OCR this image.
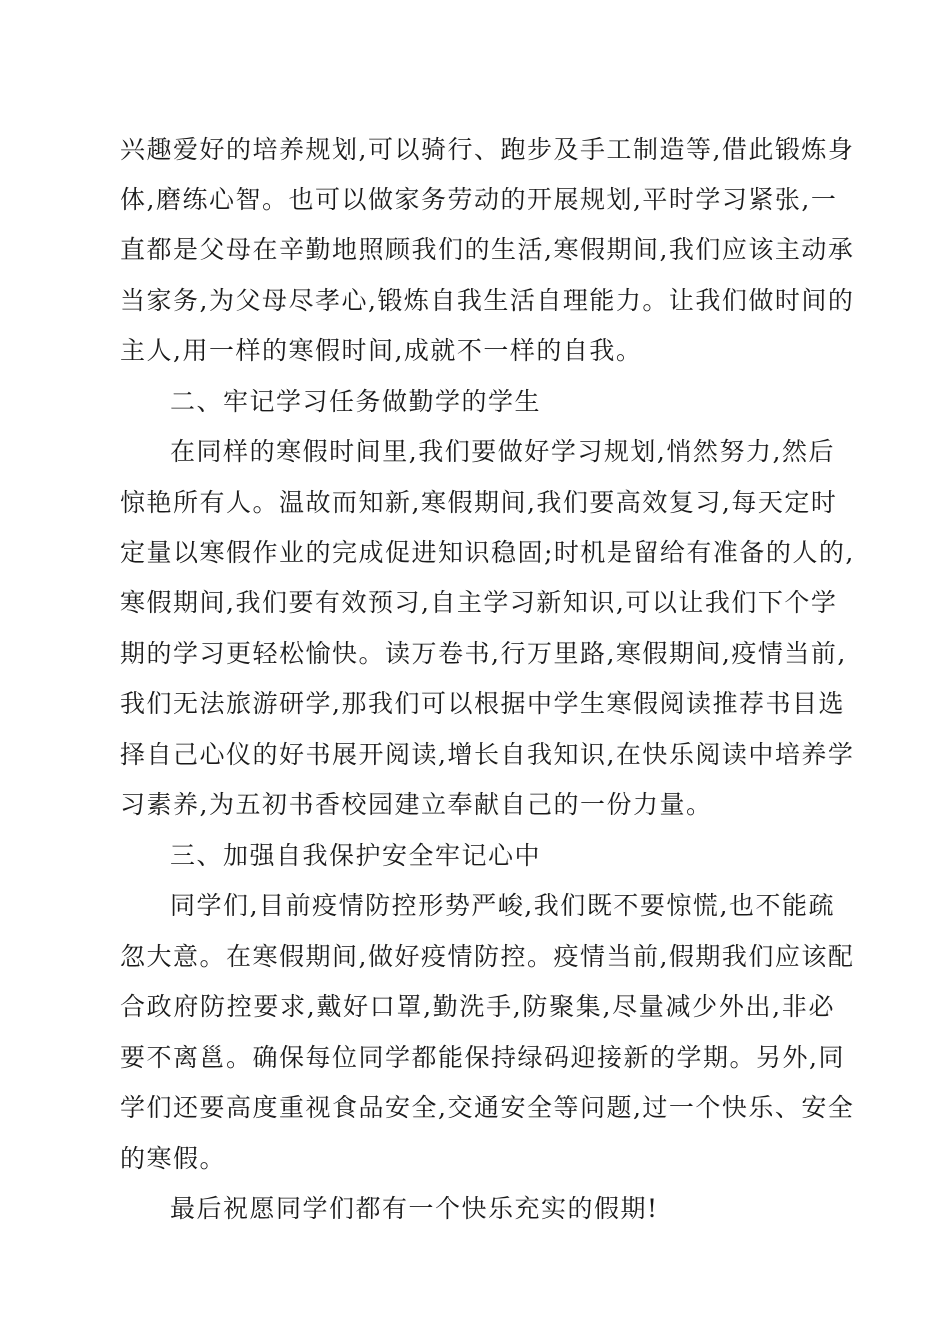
兴趣爱好的培养规划,可以骑行、跑步及手工制造等,借此锻炼身
体,磨练心智。也可以做家务劳动的开展规划,平时学习紧张,一
直都是父母在辛勤地照顾我们的生活,寒假期间,我们应该主动承
当家务,为父母尽孝心,锻炼自我生活自理能力。让我们做时间的
主人,用一样的寒假时间,成就不一样的自我。
二、牢记学习任务做勤学的学生
在同样的寒假时间里,我们要做好学习规划,悄然努力,然后
惊艳所有人。温故而知新,寒假期间,我们要高效复习,每天定时
定量以寒假作业的完成促进知识稳固;时机是留给有准备的人的,
寒假期间,我们要有效预习,自主学习新知识,可以让我们下个学
期的学习更轻松愉快。读万卷书,行万里路,寒假期间,疫情当前,
我们无法旅游研学,那我们可以根据中学生寒假阅读推荐书目选
择自己心仪的好书展开阅读,增长自我知识,在快乐阅读中培养学
习素养,为五初书香校园建立奉献自己的一份力量。
三、加强自我保护安全牢记心中
同学们,目前疫情防控形势严峻,我们既不要惊慌,也不能疏
忽大意。在寒假期间,做好疫情防控。疫情当前,假期我们应该配
合政府防控要求,戴好口罩,勤洗手,防聚集,尽量减少外出,非必
要不离邕。确保每位同学都能保持绿码迎接新的学期。另外,同
学们还要高度重视食品安全,交通安全等问题,过一个快乐、安全
的寒假。
最后祝愿同学们都有一个快乐充实的假期!
